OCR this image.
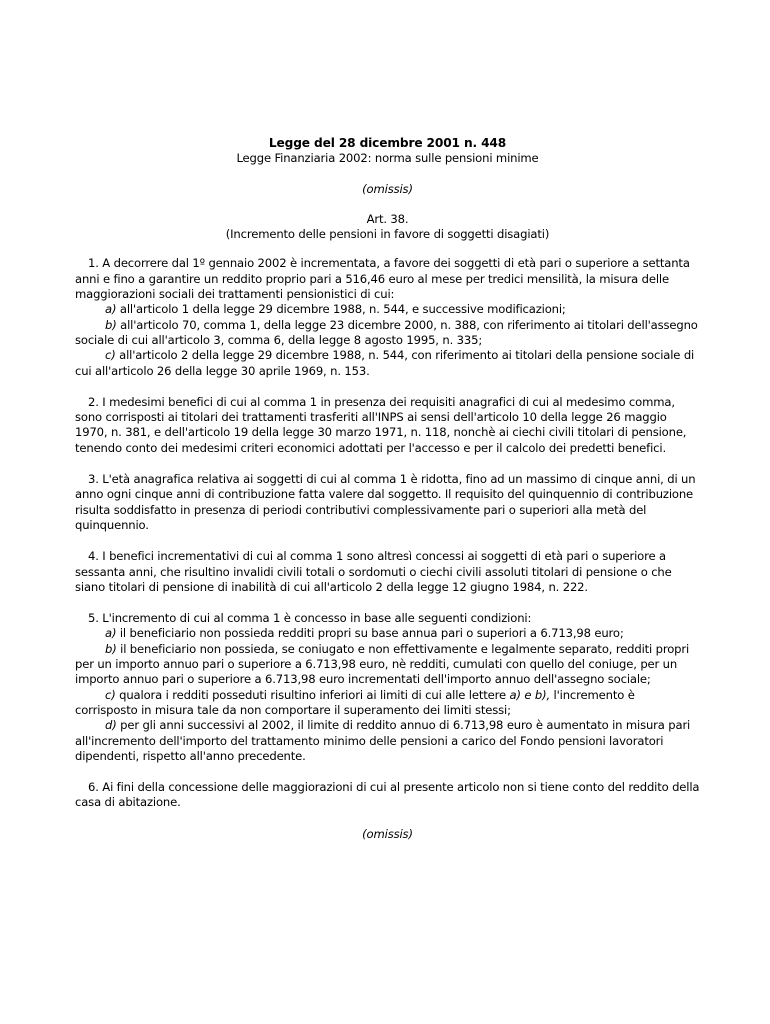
Legge del 28 dicembre 2001 n. 448

Legge Finanziaria 2002: norma sulle pensioni minime

(omissis)

Art. 38.

(Incremento delle pensioni in favore di soggetti disagiati)

1. A decorrere dal 1º gennaio 2002 è incrementata, a favore dei soggetti di età pari o superiore a settanta anni e fino a garantire un reddito proprio pari a 516,46 euro al mese per tredici mensilità, la misura delle maggiorazioni sociali dei trattamenti pensionistici di cui:

a) all'articolo 1 della legge 29 dicembre 1988, n. 544, e successive modificazioni;

b) all'articolo 70, comma 1, della legge 23 dicembre 2000, n. 388, con riferimento ai titolari dell'assegno sociale di cui all'articolo 3, comma 6, della legge 8 agosto 1995, n. 335;

c) all'articolo 2 della legge 29 dicembre 1988, n. 544, con riferimento ai titolari della pensione sociale di cui all'articolo 26 della legge 30 aprile 1969, n. 153.

2. I medesimi benefici di cui al comma 1 in presenza dei requisiti anagrafici di cui al medesimo comma, sono corrisposti ai titolari dei trattamenti trasferiti all'INPS ai sensi dell'articolo 10 della legge 26 maggio 1970, n. 381, e dell'articolo 19 della legge 30 marzo 1971, n. 118, nonchè ai ciechi civili titolari di pensione, tenendo conto dei medesimi criteri economici adottati per l'accesso e per il calcolo dei predetti benefici.

3. L'età anagrafica relativa ai soggetti di cui al comma 1 è ridotta, fino ad un massimo di cinque anni, di un anno ogni cinque anni di contribuzione fatta valere dal soggetto. Il requisito del quinquennio di contribuzione risulta soddisfatto in presenza di periodi contributivi complessivamente pari o superiori alla metà del quinquennio.

4. I benefici incrementativi di cui al comma 1 sono altresì concessi ai soggetti di età pari o superiore a sessanta anni, che risultino invalidi civili totali o sordomuti o ciechi civili assoluti titolari di pensione o che siano titolari di pensione di inabilità di cui all'articolo 2 della legge 12 giugno 1984, n. 222.

5. L'incremento di cui al comma 1 è concesso in base alle seguenti condizioni:

a) il beneficiario non possieda redditi propri su base annua pari o superiori a 6.713,98 euro;

b) il beneficiario non possieda, se coniugato e non effettivamente e legalmente separato, redditi propri per un importo annuo pari o superiore a 6.713,98 euro, nè redditi, cumulati con quello del coniuge, per un importo annuo pari o superiore a 6.713,98 euro incrementati dell'importo annuo dell'assegno sociale;

c) qualora i redditi posseduti risultino inferiori ai limiti di cui alle lettere a) e b), l'incremento è corrisposto in misura tale da non comportare il superamento dei limiti stessi;

d) per gli anni successivi al 2002, il limite di reddito annuo di 6.713,98 euro è aumentato in misura pari all'incremento dell'importo del trattamento minimo delle pensioni a carico del Fondo pensioni lavoratori dipendenti, rispetto all'anno precedente.

6. Ai fini della concessione delle maggiorazioni di cui al presente articolo non si tiene conto del reddito della casa di abitazione.

(omissis)
